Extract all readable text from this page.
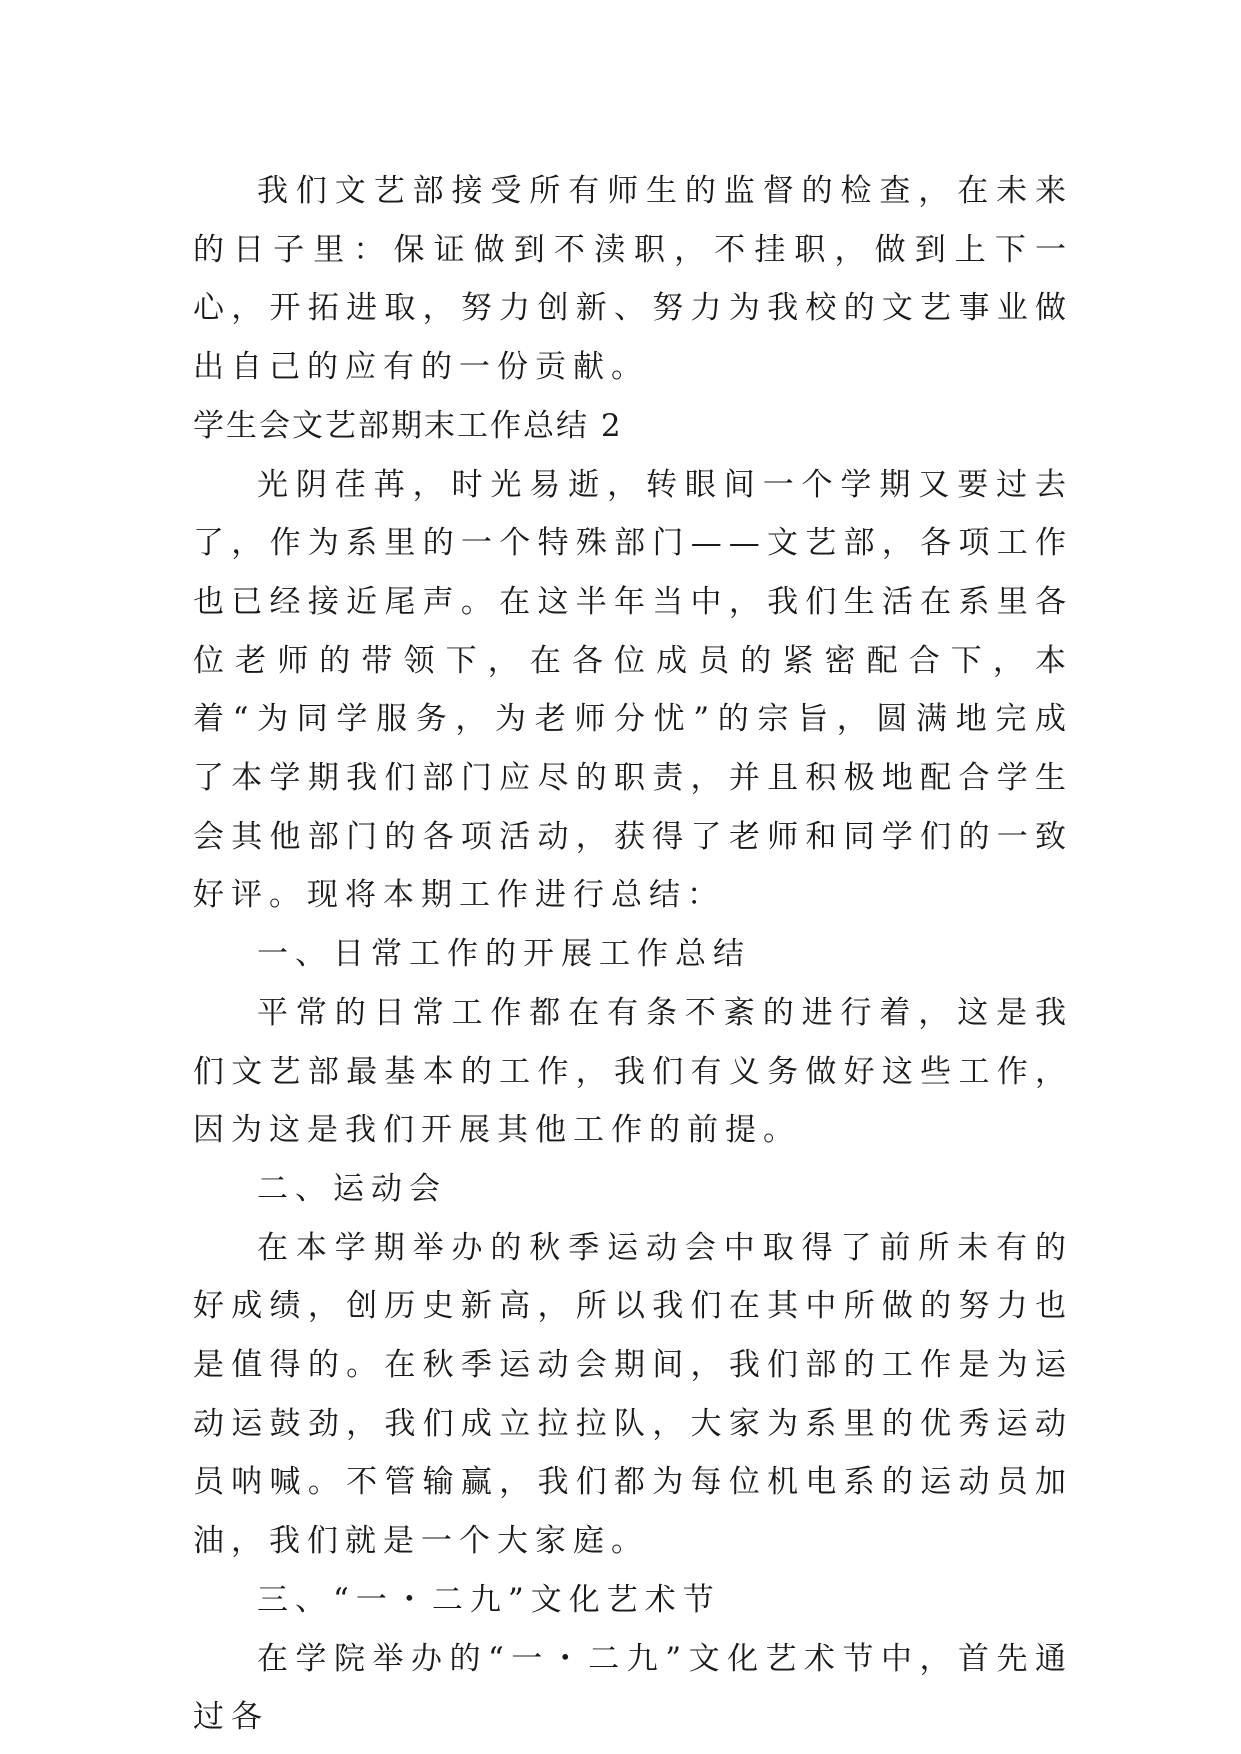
我们文艺部接受所有师生的监督的检查，在未来的日子里：保证做到不渎职，不挂职，做到上下一心，开拓进取，努力创新、努力为我校的文艺事业做出自己的应有的一份贡献。

学生会文艺部期末工作总结 2

光阴荏苒，时光易逝，转眼间一个学期又要过去了，作为系里的一个特殊部门——文艺部，各项工作也已经接近尾声。在这半年当中，我们生活在系里各位老师的带领下，在各位成员的紧密配合下，本着“为同学服务，为老师分忧”的宗旨，圆满地完成了本学期我们部门应尽的职责，并且积极地配合学生会其他部门的各项活动，获得了老师和同学们的一致好评。现将本期工作进行总结：

一、日常工作的开展工作总结

平常的日常工作都在有条不紊的进行着，这是我们文艺部最基本的工作，我们有义务做好这些工作，因为这是我们开展其他工作的前提。

二、运动会

在本学期举办的秋季运动会中取得了前所未有的好成绩，创历史新高，所以我们在其中所做的努力也是值得的。在秋季运动会期间，我们部的工作是为运动运鼓劲，我们成立拉拉队，大家为系里的优秀运动员呐喊。不管输赢，我们都为每位机电系的运动员加油，我们就是一个大家庭。

三、“一・二九”文化艺术节

在学院举办的“一・二九”文化艺术节中，首先通过各
